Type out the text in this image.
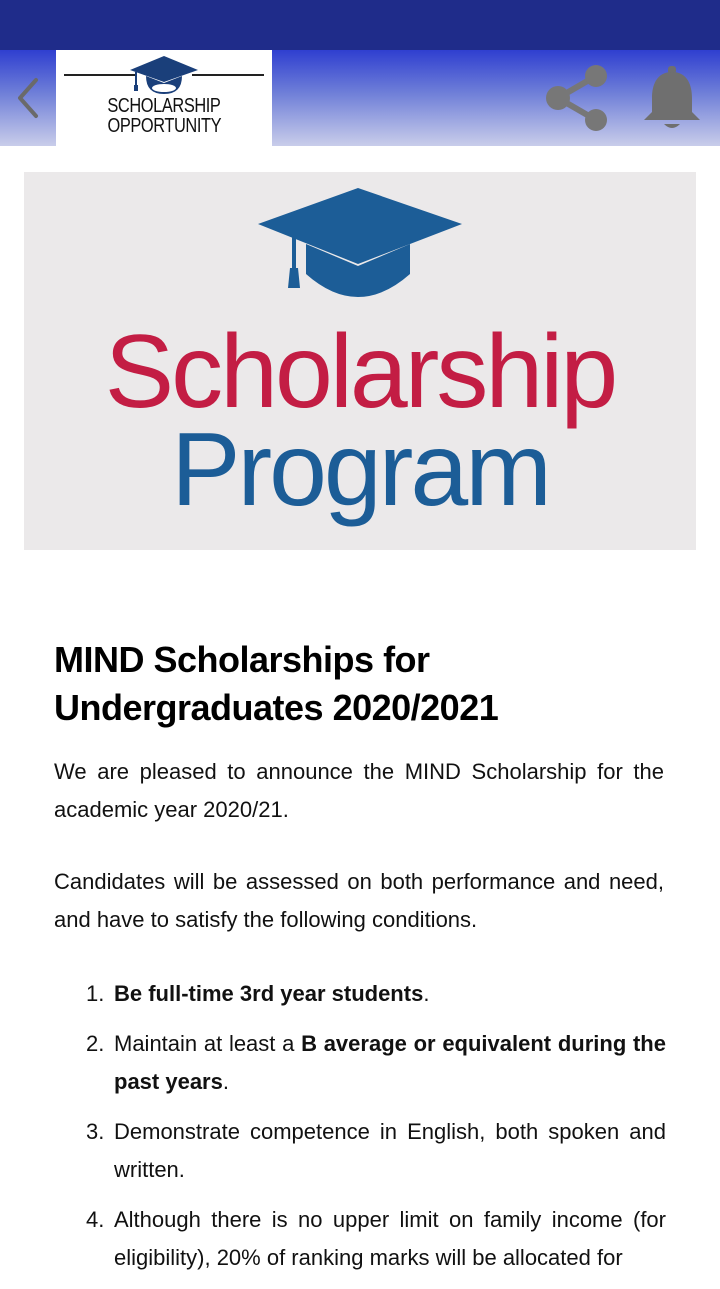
SCHOLARSHIP
OPPORTUNITY
Scholarship
Program
MIND Scholarships for Undergraduates 2020/2021

We are pleased to announce the MIND Scholarship for the academic year 2020/21.

Candidates will be assessed on both performance and need, and have to satisfy the following conditions.

1. Be full-time 3rd year students.
2. Maintain at least a B average or equivalent during the past years.
3. Demonstrate competence in English, both spoken and written.
4. Although there is no upper limit on family income (for eligibility), 20% of ranking marks will be allocated for
